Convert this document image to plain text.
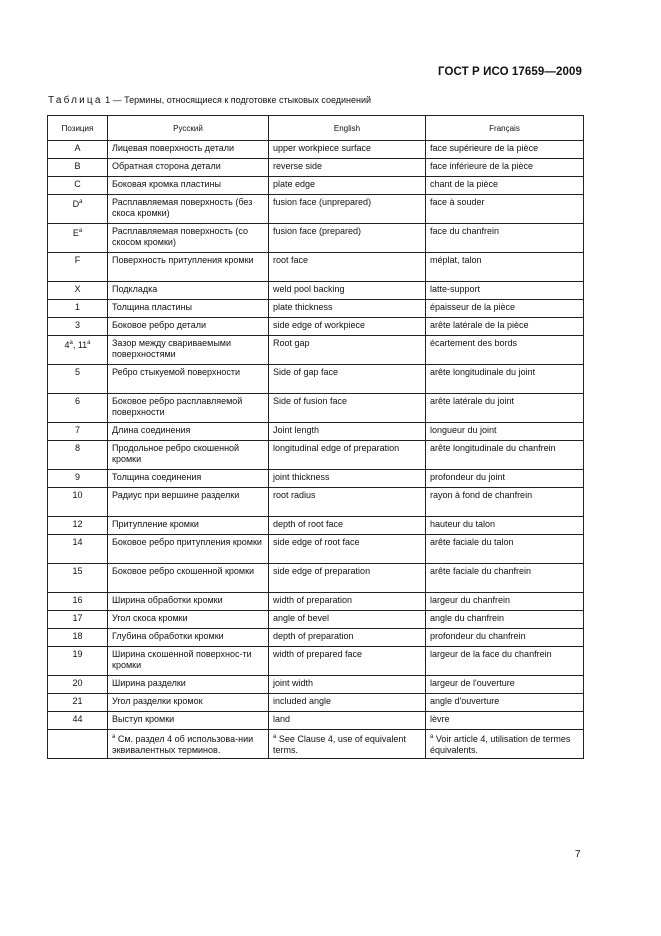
ГОСТ Р ИСО 17659—2009
Таблица 1 — Термины, относящиеся к подготовке стыковых соединений
Позиция	Русский	English	Français
A	Лицевая поверхность детали	upper workpiece surface	face supérieure de la pièce
B	Обратная сторона детали	reverse side	face inférieure de la pièce
C	Боковая кромка пластины	plate edge	chant de la pièce
$D^a$	Расплавляемая поверхность (без скоса кромки)	fusion face (unprepared)	face à souder
$E^a$	Расплавляемая поверхность (со скосом кромки)	fusion face (prepared)	face du chanfrein
F	Поверхность притупления кромки	root face	méplat, talon
X	Подкладка	weld pool backing	latte-support
1	Толщина пластины	plate thickness	épaisseur de la pièce
3	Боковое ребро детали	side edge of workpiece	arête latérale de la pièce
4$^a$, 11$^a$	Зазор между свариваемыми поверхностями	Root gap	écartement des bords
5	Ребро стыкуемой поверхности	Side of gap face	arête longitudinale du joint
6	Боковое ребро расплавляемой поверхности	Side of fusion face	arête latérale du joint
7	Длина соединения	Joint length	longueur du joint
8	Продольное ребро скошенной кромки	longitudinal edge of preparation	arête longitudinale du chanfrein
9	Толщина соединения	joint thickness	profondeur du joint
10	Радиус при вершине разделки	root radius	rayon à fond de chanfrein
12	Притупление кромки	depth of root face	hauteur du talon
14	Боковое ребро притупления кромки	side edge of root face	arête faciale du talon
15	Боковое ребро скошенной кромки	side edge of preparation	arête faciale du chanfrein
16	Ширина обработки кромки	width of preparation	largeur du chanfrein
17	Угол скоса кромки	angle of bevel	angle du chanfrein
18	Глубина обработки кромки	depth of preparation	profondeur du chanfrein
19	Ширина скошенной поверхнос-ти кромки	width of prepared face	largeur de la face du chanfrein
20	Ширина разделки	joint width	largeur de l'ouverture
21	Угол разделки кромок	included angle	angle d'ouverture
44	Выступ кромки	land	lèvre
	$^a$ См. раздел 4 об использова-нии эквивалентных терминов.	$^a$ See Clause 4, use of equivalent terms.	$^a$ Voir article 4, utilisation de termes équivalents.
7
